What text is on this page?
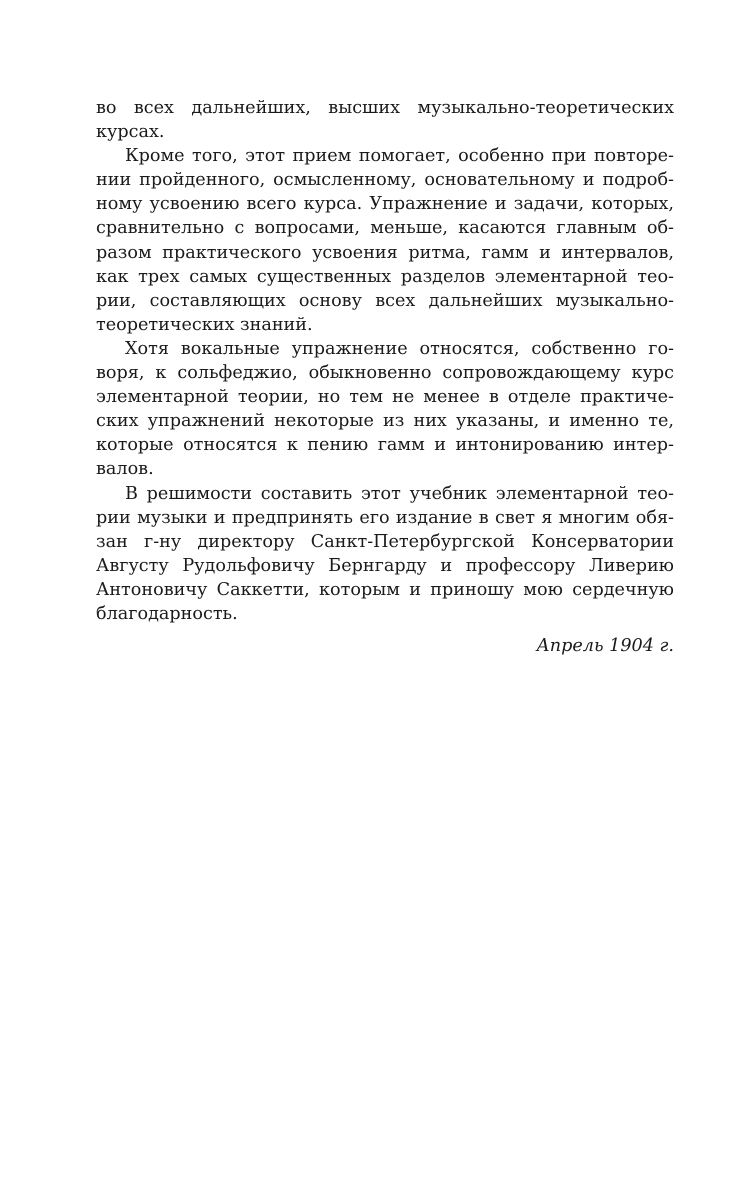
во всех дальнейших, высших музыкально-теоретических
курсах.
Кроме того, этот прием помогает, особенно при повторе-
нии пройденного, осмысленному, основательному и подроб-
ному усвоению всего курса. Упражнение и задачи, которых,
сравнительно с вопросами, меньше, касаются главным об-
разом практического усвоения ритма, гамм и интервалов,
как трех самых существенных разделов элементарной тео-
рии, составляющих основу всех дальнейших музыкально-
теоретических знаний.
Хотя вокальные упражнение относятся, собственно го-
воря, к сольфеджио, обыкновенно сопровождающему курс
элементарной теории, но тем не менее в отделе практиче-
ских упражнений некоторые из них указаны, и именно те,
которые относятся к пению гамм и интонированию интер-
валов.
В решимости составить этот учебник элементарной тео-
рии музыки и предпринять его издание в свет я многим обя-
зан г-ну директору Санкт-Петербургской Консерватории
Августу Рудольфовичу Бернгарду и профессору Ливерию
Антоновичу Саккетти, которым и приношу мою сердечную
благодарность.
Апрель 1904 г.
